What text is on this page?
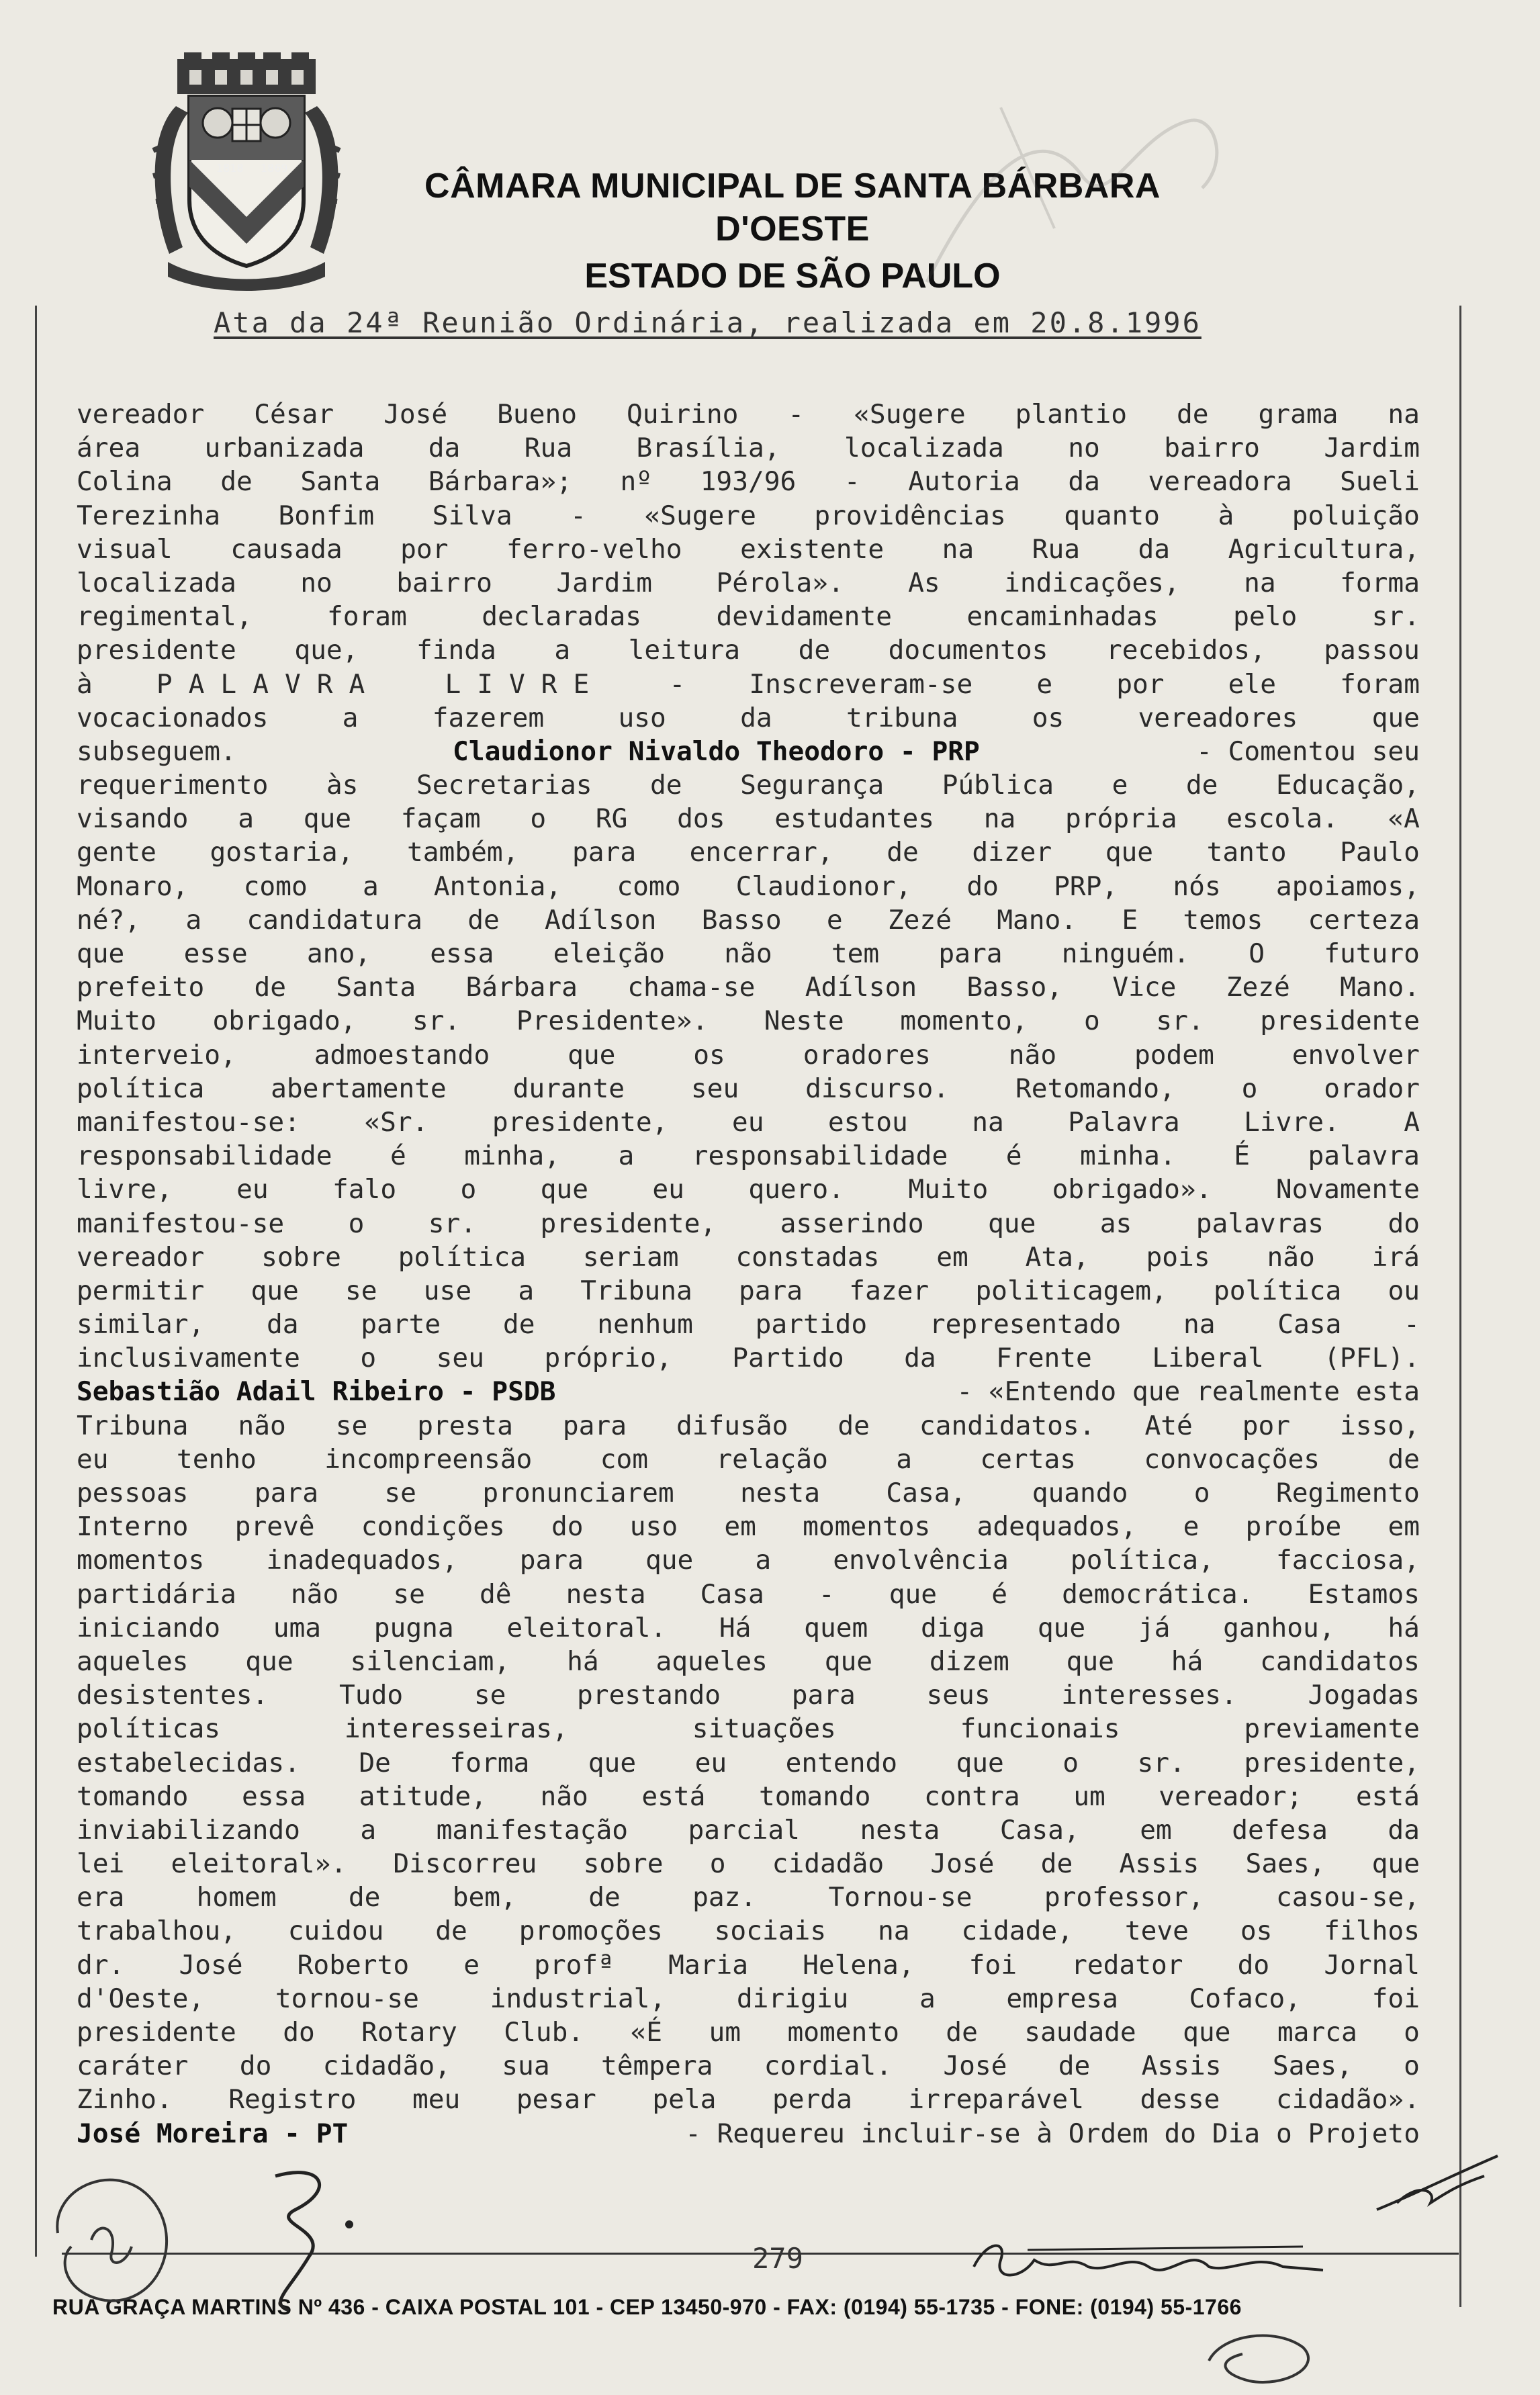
1818 1869	CÂMARA MUNICIPAL DE SANTA BÁRBARA D'OESTE
ESTADO DE SÃO PAULO
Ata da 24ª Reunião Ordinária, realizada em 20.8.1996
vereador César José Bueno Quirino - «Sugere plantio de grama na
área urbanizada da Rua Brasília, localizada no bairro Jardim
Colina de Santa Bárbara»; nº 193/96 - Autoria da vereadora Sueli
Terezinha Bonfim Silva - «Sugere providências quanto à poluição
visual causada por ferro-velho existente na Rua da Agricultura,
localizada no bairro Jardim Pérola». As indicações, na forma
regimental,	foram	declaradas	devidamente	encaminhadas	pelo	sr.
presidente que, finda a leitura de documentos recebidos, passou
à PALAVRA LIVRE - Inscreveram-se e por ele foram
vocacionados	a	fazerem	uso	da	tribuna	os	vereadores	que
subseguem.	Claudionor Nivaldo Theodoro - PRP	- Comentou seu
requerimento às Secretarias de Segurança Pública e de Educação,
visando a que façam o RG dos estudantes na própria escola. «A
gente gostaria, também, para encerrar, de dizer que tanto Paulo
Monaro, como a Antonia, como Claudionor, do PRP, nós apoiamos,
né?, a candidatura de Adílson Basso e Zezé Mano. E temos certeza
que esse ano, essa eleição não tem para ninguém. O futuro
prefeito de Santa Bárbara chama-se Adílson Basso, Vice Zezé Mano.
Muito obrigado, sr. Presidente». Neste momento, o sr. presidente
interveio,	admoestando	que	os	oradores	não	podem	envolver
política	abertamente	durante	seu	discurso.	Retomando,	o	orador
manifestou-se: «Sr. presidente, eu estou na Palavra Livre. A
responsabilidade é minha, a responsabilidade é minha. É palavra
livre, eu falo o que eu quero. Muito obrigado». Novamente
manifestou-se o sr. presidente, asserindo que as palavras do
vereador sobre política seriam constadas em Ata, pois não irá
permitir que se use a Tribuna para fazer politicagem, política ou
similar, da parte de nenhum partido representado na Casa -
inclusivamente o seu próprio, Partido da Frente Liberal (PFL).
Sebastião Adail Ribeiro - PSDB	- «Entendo que realmente esta
Tribuna não se presta para difusão de candidatos. Até por isso,
eu	tenho	incompreensão	com	relação	a	certas	convocações	de
pessoas para se pronunciarem nesta Casa, quando o Regimento
Interno prevê condições do uso em momentos adequados, e proíbe em
momentos inadequados, para que a envolvência política, facciosa,
partidária não se dê nesta Casa - que é democrática. Estamos
iniciando uma pugna eleitoral. Há quem diga que já ganhou, há
aqueles que silenciam, há aqueles que dizem que há candidatos
desistentes.	Tudo	se	prestando	para	seus	interesses.	Jogadas
políticas	interesseiras,	situações	funcionais	previamente
estabelecidas. De forma que eu entendo que o sr. presidente,
tomando essa atitude, não está tomando contra um vereador; está
inviabilizando a manifestação parcial nesta Casa, em defesa da
lei eleitoral». Discorreu sobre o cidadão José de Assis Saes, que
era	homem	de	bem,	de	paz.	Tornou-se	professor,	casou-se,
trabalhou, cuidou de promoções sociais na cidade, teve os filhos
dr. José Roberto e profª Maria Helena, foi redator do Jornal
d'Oeste,	tornou-se	industrial,	dirigiu	a	empresa	Cofaco,	foi
presidente do Rotary Club. «É um momento de saudade que marca o
caráter do cidadão, sua têmpera cordial. José de Assis Saes, o
Zinho. Registro meu pesar pela perda irreparável desse cidadão».
José Moreira - PT	- Requereu incluir-se à Ordem do Dia o Projeto
279
RUA GRAÇA MARTINS Nº 436 - CAIXA POSTAL 101 - CEP 13450-970 - FAX: (0194) 55-1735 - FONE: (0194) 55-1766
